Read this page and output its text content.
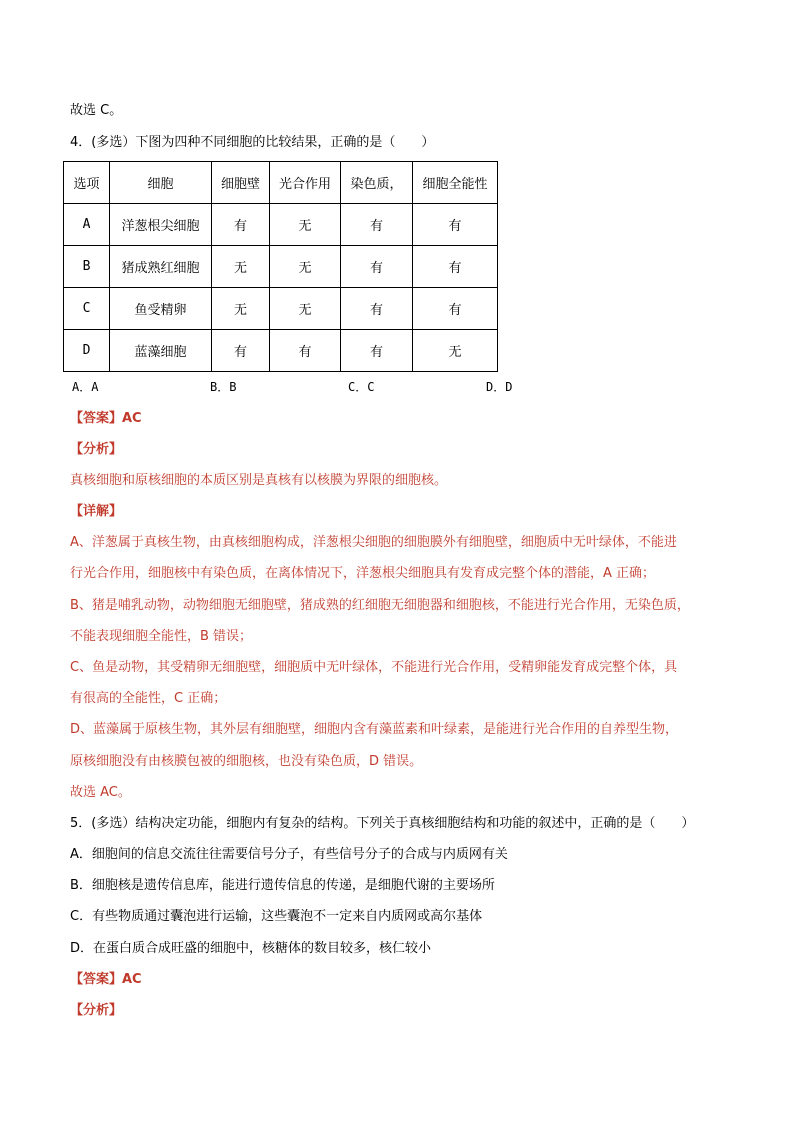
故选 C。
4．(多选）下图为四种不同细胞的比较结果，正确的是（　　）
选项	细胞	细胞壁	光合作用	染色质，	细胞全能性
A	洋葱根尖细胞	有	无	有	有
B	猪成熟红细胞	无	无	有	有
C	鱼受精卵	无	无	有	有
D	蓝藻细胞	有	有	有	无
A．A	B．B	C．C	D．D
【答案】AC
【分析】
真核细胞和原核细胞的本质区别是真核有以核膜为界限的细胞核。
【详解】
A、洋葱属于真核生物，由真核细胞构成，洋葱根尖细胞的细胞膜外有细胞壁，细胞质中无叶绿体，不能进
行光合作用，细胞核中有染色质，在离体情况下，洋葱根尖细胞具有发育成完整个体的潜能，A 正确；
B、猪是哺乳动物，动物细胞无细胞壁，猪成熟的红细胞无细胞器和细胞核，不能进行光合作用，无染色质，
不能表现细胞全能性，B 错误；
C、鱼是动物，其受精卵无细胞壁，细胞质中无叶绿体，不能进行光合作用，受精卵能发育成完整个体，具
有很高的全能性，C 正确；
D、蓝藻属于原核生物，其外层有细胞壁，细胞内含有藻蓝素和叶绿素，是能进行光合作用的自养型生物，
原核细胞没有由核膜包被的细胞核，也没有染色质，D 错误。
故选 AC。
5．(多选）结构决定功能，细胞内有复杂的结构。下列关于真核细胞结构和功能的叙述中，正确的是（　　）
A．细胞间的信息交流往往需要信号分子，有些信号分子的合成与内质网有关
B．细胞核是遗传信息库，能进行遗传信息的传递，是细胞代谢的主要场所
C．有些物质通过囊泡进行运输，这些囊泡不一定来自内质网或高尔基体
D．在蛋白质合成旺盛的细胞中，核糖体的数目较多，核仁较小
【答案】AC
【分析】
